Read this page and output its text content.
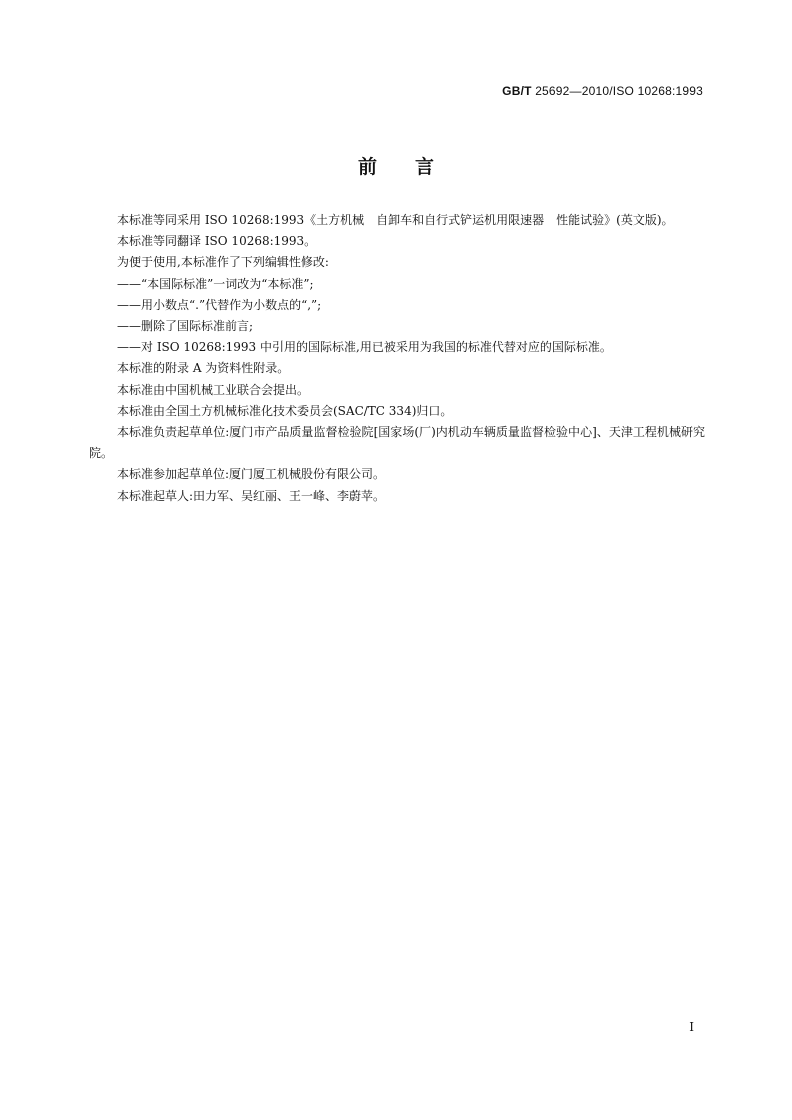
GB/T 25692—2010/ISO 10268:1993
前言

本标准等同采用 ISO 10268:1993《土方机械　自卸车和自行式铲运机用限速器　性能试验》(英文版)。

本标准等同翻译 ISO 10268:1993。

为便于使用,本标准作了下列编辑性修改:

——“本国际标准”一词改为“本标准”;

——用小数点“.”代替作为小数点的“,”;

——删除了国际标准前言;

——对 ISO 10268:1993 中引用的国际标准,用已被采用为我国的标准代替对应的国际标准。

本标准的附录 A 为资料性附录。

本标准由中国机械工业联合会提出。

本标准由全国土方机械标准化技术委员会(SAC/TC 334)归口。

本标准负责起草单位:厦门市产品质量监督检验院[国家场(厂)内机动车辆质量监督检验中心]、天津工程机械研究院。

本标准参加起草单位:厦门厦工机械股份有限公司。

本标准起草人:田力军、吴红丽、王一峰、李蔚苹。

I
